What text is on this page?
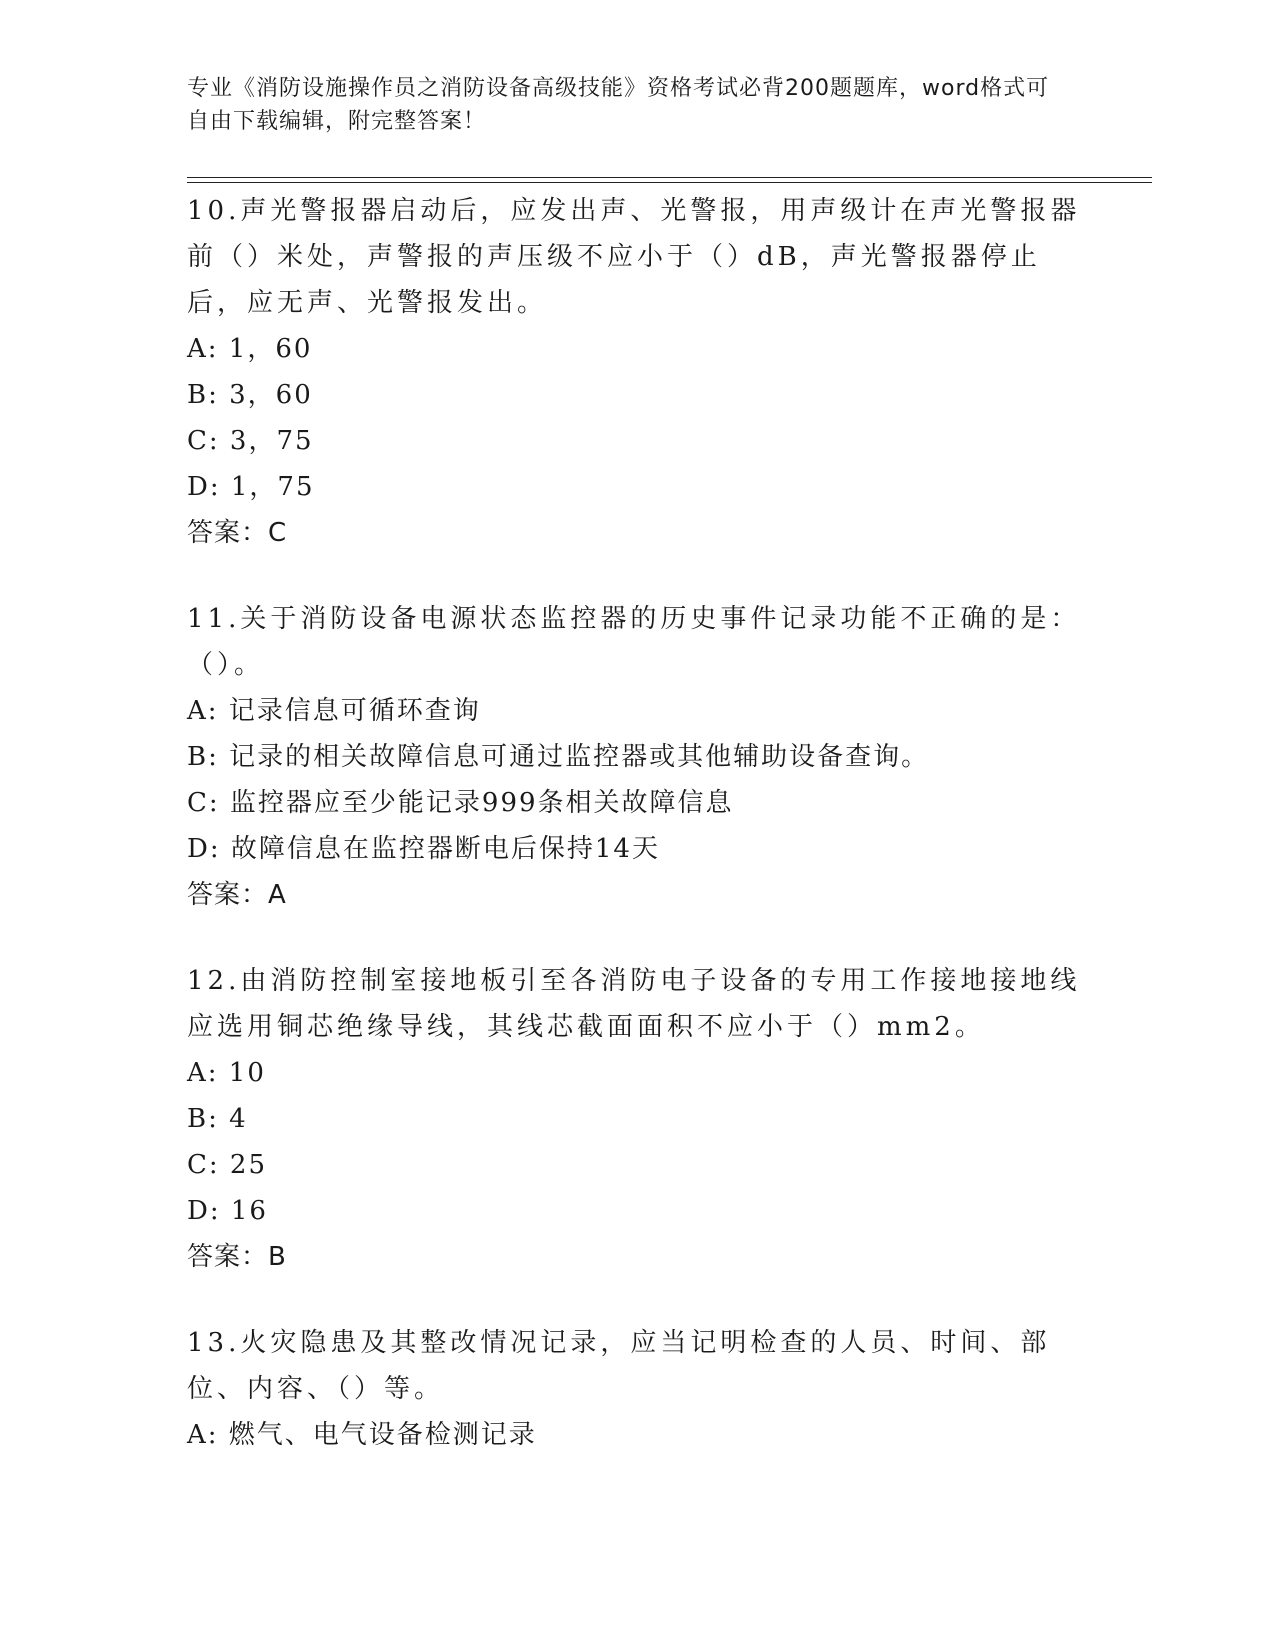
专业《消防设施操作员之消防设备高级技能》资格考试必背200题题库，word格式可自由下载编辑，附完整答案！

10.声光警报器启动后，应发出声、光警报，用声级计在声光警报器前（）米处，声警报的声压级不应小于（）dB，声光警报器停止后，应无声、光警报发出。

A: 1，60

B: 3，60

C: 3，75

D: 1，75

答案：C

11.关于消防设备电源状态监控器的历史事件记录功能不正确的是：（）。

A: 记录信息可循环查询

B: 记录的相关故障信息可通过监控器或其他辅助设备查询。

C: 监控器应至少能记录999条相关故障信息

D: 故障信息在监控器断电后保持14天

答案：A

12.由消防控制室接地板引至各消防电子设备的专用工作接地接地线应选用铜芯绝缘导线，其线芯截面面积不应小于（）mm2。

A: 10

B: 4

C: 25

D: 16

答案：B

13.火灾隐患及其整改情况记录，应当记明检查的人员、时间、部位、内容、（）等。

A: 燃气、电气设备检测记录
